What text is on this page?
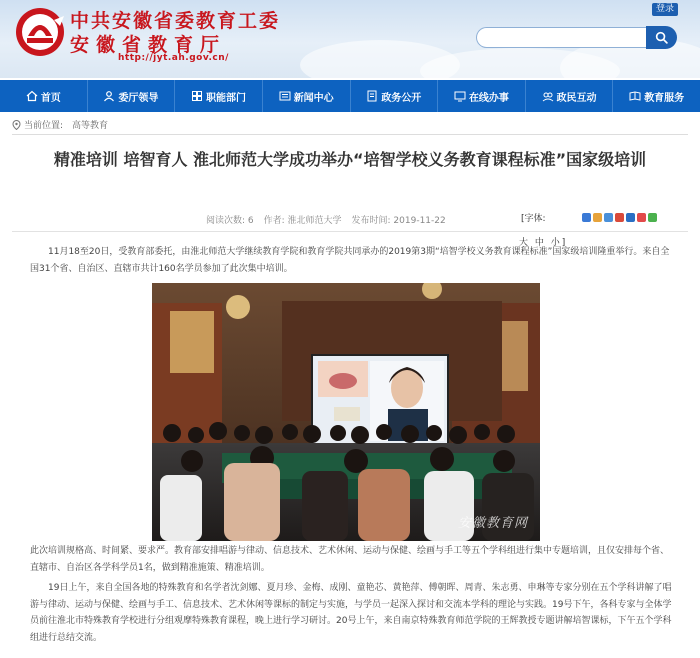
中共安徽省委教育工委
安徽省教育厅
http://jyt.ah.gov.cn/
登录
首页	委厅领导	职能部门	新闻中心	政务公开	在线办事	政民互动	教育服务
当前位置: 高等教育
精准培训 培智育人 淮北师范大学成功举办“培智学校义务教育课程标准”国家级培训
阅读次数: 6 作者: 淮北师范大学 发布时间: 2019-11-22	[字体:
大 中 小]
11月18至20日，受教育部委托，由淮北师范大学继续教育学院和教育学院共同承办的2019第3期“培智学校义务教育课程标准”国家级培训隆重举行。来自全国31个省、自治区、直辖市共计160名学员参加了此次集中培训。
安徽教育网
此次培训规格高、时间紧、要求严。教育部安排唱游与律动、信息技术、艺术休闲、运动与保健、绘画与手工等五个学科组进行集中专题培训，且仅安排每个省、直辖市、自治区各学科学员1名，做到精准施策、精准培训。
19日上午，来自全国各地的特殊教育和名学者沈剑娜、夏月珍、金梅、成刚、童艳芯、黄艳萍、傅朝晖、周青、朱志勇、申琳等专家分别在五个学科讲解了唱游与律动、运动与保健、绘画与手工、信息技术、艺术休闲等课标的制定与实施，与学员一起深入探讨和交流本学科的理论与实践。19号下午，各科专家与全体学员前往淮北市特殊教育学校进行分组观摩特殊教育课程，晚上进行学习研讨。20号上午，来自南京特殊教育师范学院的王辉教授专题讲解培智课标，下午五个学科组进行总结交流。
